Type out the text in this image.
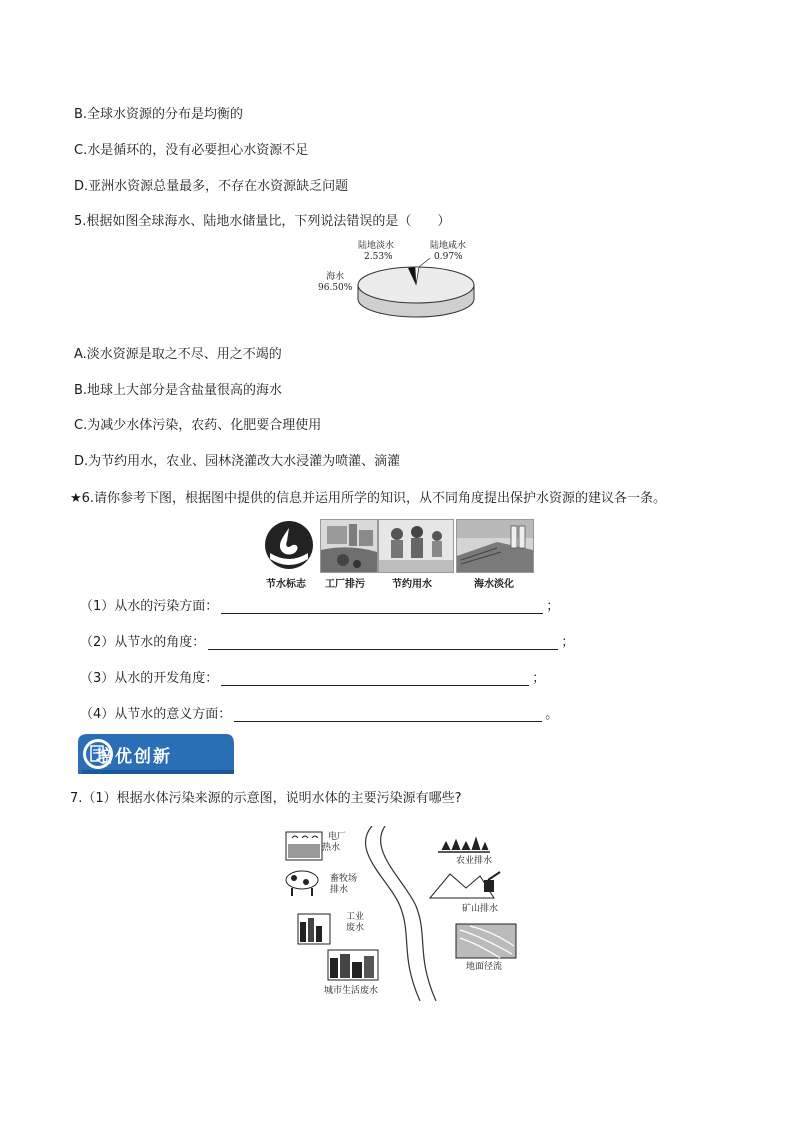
B.全球水资源的分布是均衡的
C.水是循环的，没有必要担心水资源不足
D.亚洲水资源总量最多，不存在水资源缺乏问题
5.根据如图全球海水、陆地水储量比，下列说法错误的是（　　）
陆地淡水
2.53%
陆地咸水
0.97%
海水
96.50%
A.淡水资源是取之不尽、用之不竭的
B.地球上大部分是含盐量很高的海水
C.为减少水体污染，农药、化肥要合理使用
D.为节约用水，农业、园林浇灌改大水浸灌为喷灌、滴灌
★6.请你参考下图，根据图中提供的信息并运用所学的知识，从不同角度提出保护水资源的建议各一条。
节水标志 工厂排污	节约用水	海水淡化
（1）从水的污染方面：	；
（2）从节水的角度：	；
（3）从水的开发角度：	；
（4）从节水的意义方面：	。
培优创新
7.（1）根据水体污染来源的示意图，说明水体的主要污染源有哪些?
电厂
热水
畜牧场
排水
工业
废水
城市生活废水
农业排水
矿山排水
地面径流
